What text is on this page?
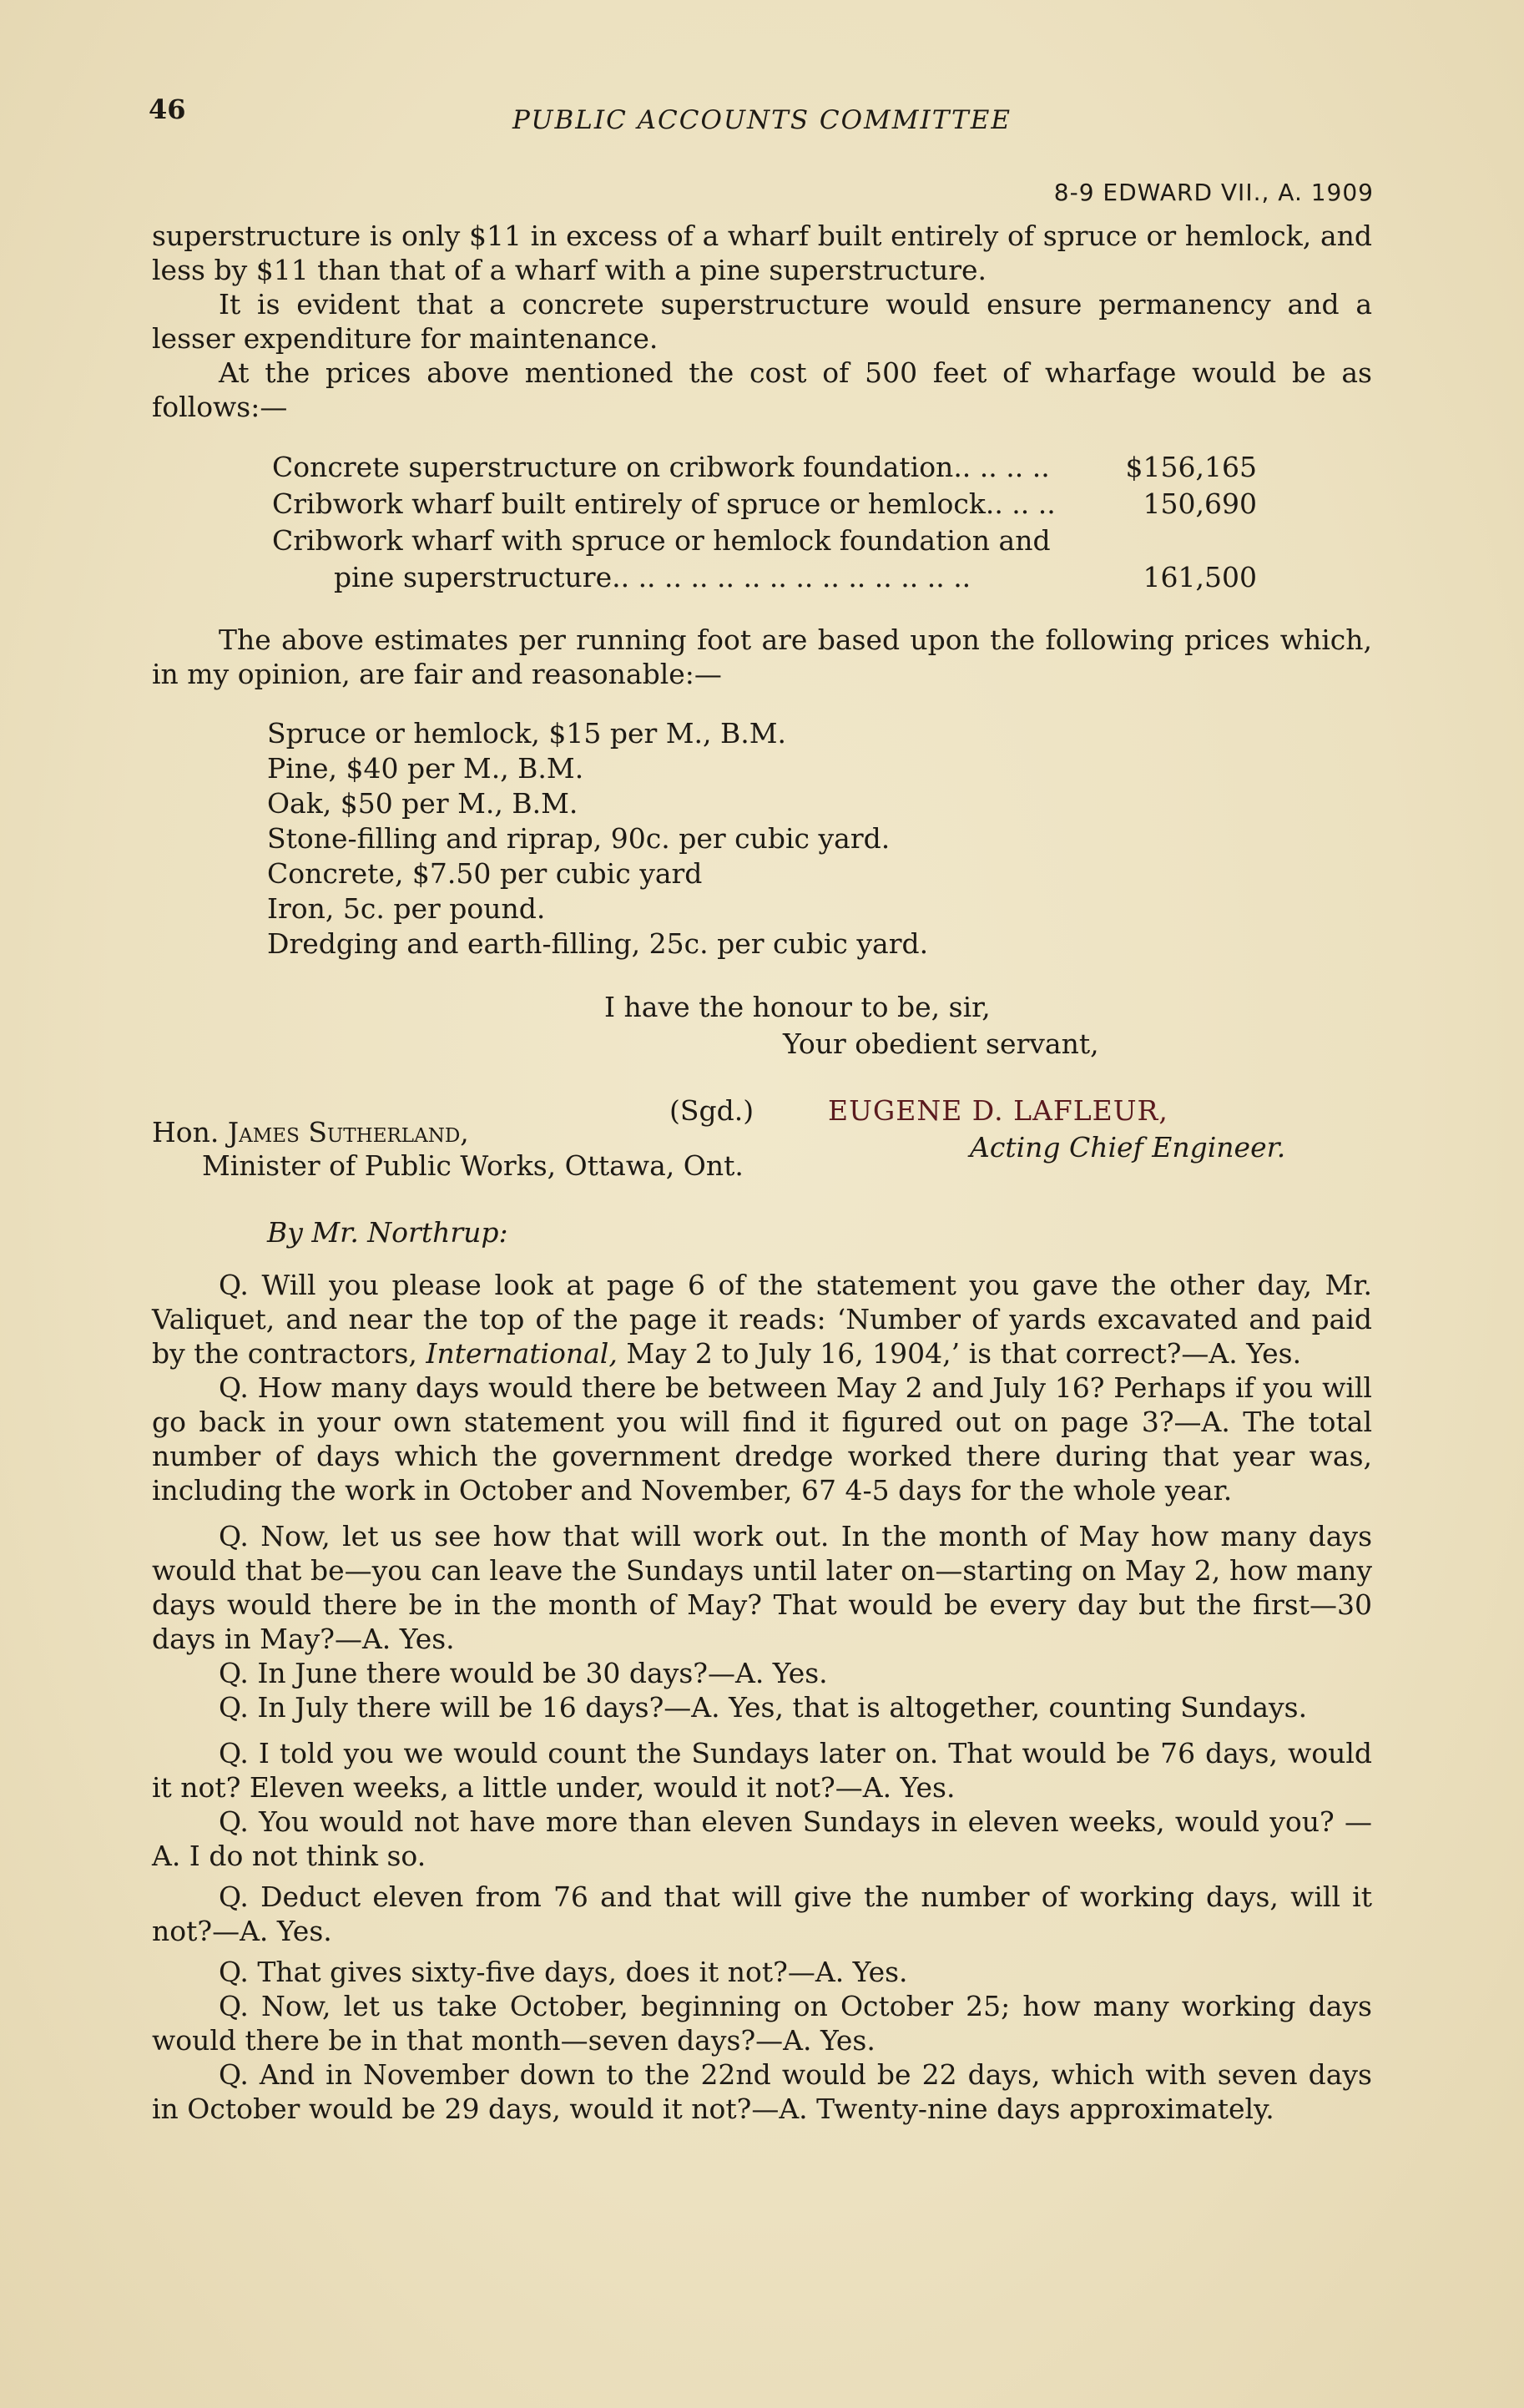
46	PUBLIC ACCOUNTS COMMITTEE
8-9 EDWARD VII., A. 1909

superstructure is only $11 in excess of a wharf built entirely of spruce or hemlock, and less by $11 than that of a wharf with a pine superstructure.

It is evident that a concrete superstructure would ensure permanency and a lesser expenditure for maintenance.

At the prices above mentioned the cost of 500 feet of wharfage would be as follows:—

Concrete superstructure on cribwork foundation.. .. .. ..	$156,165
Cribwork wharf built entirely of spruce or hemlock.. .. ..	150,690
Cribwork wharf with spruce or hemlock foundation and
pine superstructure.. .. .. .. .. .. .. .. .. .. .. .. .. ..	161,500

The above estimates per running foot are based upon the following prices which, in my opinion, are fair and reasonable:—

Spruce or hemlock, $15 per M., B.M.
Pine, $40 per M., B.M.
Oak, $50 per M., B.M.
Stone-filling and riprap, 90c. per cubic yard.
Concrete, $7.50 per cubic yard
Iron, 5c. per pound.
Dredging and earth-filling, 25c. per cubic yard.
I have the honour to be, sir,
Your obedient servant,
Hon. James Sutherland,
Minister of Public Works, Ottawa, Ont.
(Sgd.)	EUGENE D. LAFLEUR,
Acting Chief Engineer.
By Mr. Northrup:

Q. Will you please look at page 6 of the statement you gave the other day, Mr. Valiquet, and near the top of the page it reads: ‘Number of yards excavated and paid by the contractors, International, May 2 to July 16, 1904,’ is that correct?—A. Yes.

Q. How many days would there be between May 2 and July 16? Perhaps if you will go back in your own statement you will find it figured out on page 3?—A. The total number of days which the government dredge worked there during that year was, including the work in October and November, 67 4-5 days for the whole year.

Q. Now, let us see how that will work out. In the month of May how many days would that be—you can leave the Sundays until later on—starting on May 2, how many days would there be in the month of May? That would be every day but the first—30 days in May?—A. Yes.

Q. In June there would be 30 days?—A. Yes.

Q. In July there will be 16 days?—A. Yes, that is altogether, counting Sundays.

Q. I told you we would count the Sundays later on. That would be 76 days, would it not? Eleven weeks, a little under, would it not?—A. Yes.

Q. You would not have more than eleven Sundays in eleven weeks, would you? —A. I do not think so.

Q. Deduct eleven from 76 and that will give the number of working days, will it not?—A. Yes.

Q. That gives sixty-five days, does it not?—A. Yes.

Q. Now, let us take October, beginning on October 25; how many working days would there be in that month—seven days?—A. Yes.

Q. And in November down to the 22nd would be 22 days, which with seven days in October would be 29 days, would it not?—A. Twenty-nine days approximately.
